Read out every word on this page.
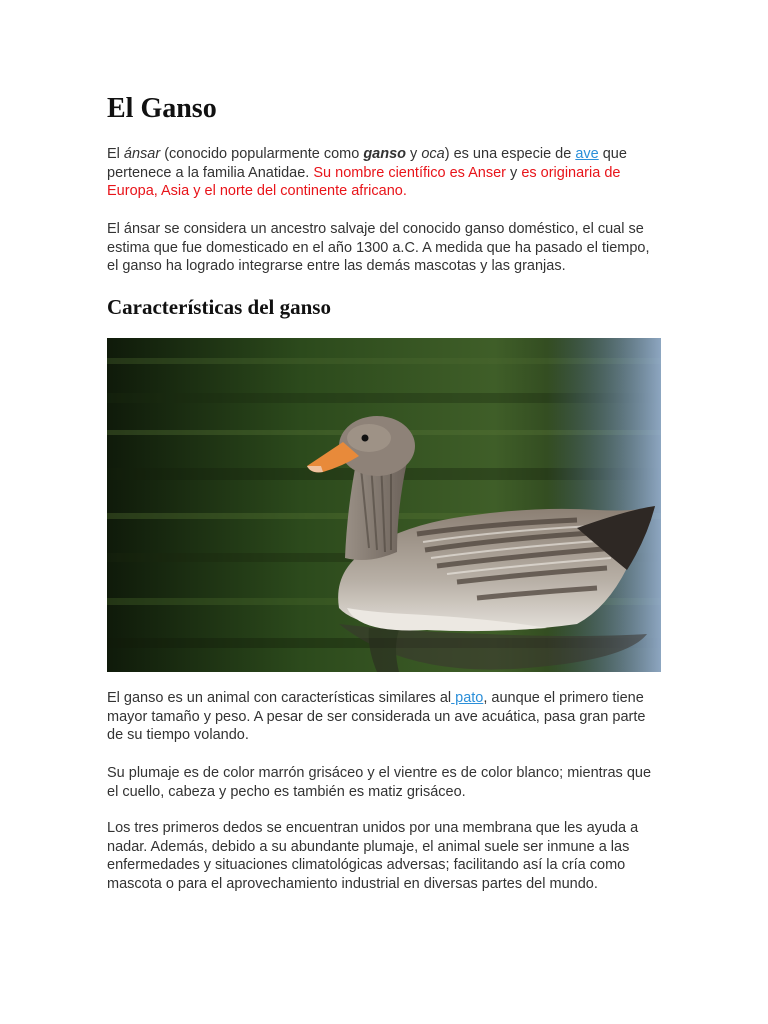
El Ganso

El ánsar (conocido popularmente como ganso y oca) es una especie de ave que pertenece a la familia Anatidae. Su nombre científico es Anser y es originaria de Europa, Asia y el norte del continente africano.

El ánsar se considera un ancestro salvaje del conocido ganso doméstico, el cual se estima que fue domesticado en el año 1300 a.C. A medida que ha pasado el tiempo, el ganso ha logrado integrarse entre las demás mascotas y las granjas.

Características del ganso

El ganso es un animal con características similares al pato, aunque el primero tiene mayor tamaño y peso. A pesar de ser considerada un ave acuática, pasa gran parte de su tiempo volando.

Su plumaje es de color marrón grisáceo y el vientre es de color blanco; mientras que el cuello, cabeza y pecho es también es matiz grisáceo.

Los tres primeros dedos se encuentran unidos por una membrana que les ayuda a nadar. Además, debido a su abundante plumaje, el animal suele ser inmune a las enfermedades y situaciones climatológicas adversas; facilitando así la cría como mascota o para el aprovechamiento industrial en diversas partes del mundo.
